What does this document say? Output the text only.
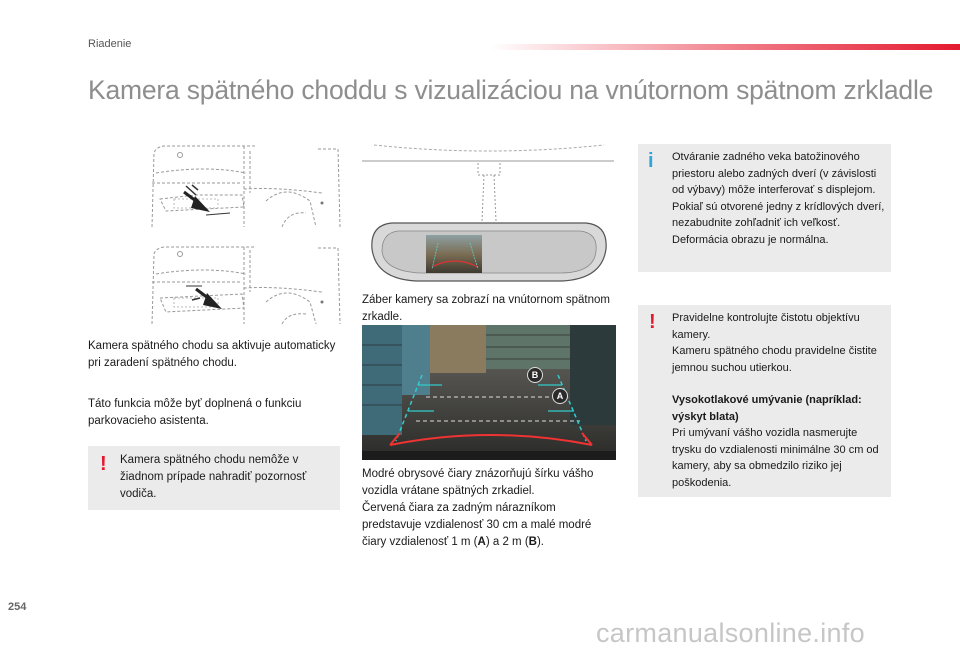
Riadenie
Kamera spätného choddu s vizualizáciou na vnútornom spätnom zrkladle
Kamera spätného chodu sa aktivuje automaticky pri zaradení spätného chodu.
Táto funkcia môže byť doplnená o funkciu parkovacieho asistenta.
! Kamera spätného chodu nemôže v žiadnom prípade nahradiť pozornosť vodiča.
Záber kamery sa zobrazí na vnútornom spätnom zrkadle.
B
A
Modré obrysové čiary znázorňujú šírku vášho vozidla vrátane spätných zrkadiel.
Červená čiara za zadným nárazníkom predstavuje vzdialenosť 30 cm a malé modré čiary vzdialenosť 1 m (A) a 2 m (B).
i Otváranie zadného veka batožinového priestoru alebo zadných dverí (v závislosti od výbavy) môže interferovať s displejom.
Pokiaľ sú otvorené jedny z krídlových dverí, nezabudnite zohľadniť ich veľkosť.
Deformácia obrazu je normálna.
! Pravidelne kontrolujte čistotu objektívu kamery.
Kameru spätného chodu pravidelne čistite jemnou suchou utierkou.
Vysokotlakové umývanie (napríklad: výskyt blata)
Pri umývaní vášho vozidla nasmerujte trysku do vzdialenosti minimálne 30 cm od kamery, aby sa obmedzilo riziko jej poškodenia.
254
carmanualsonline.info
